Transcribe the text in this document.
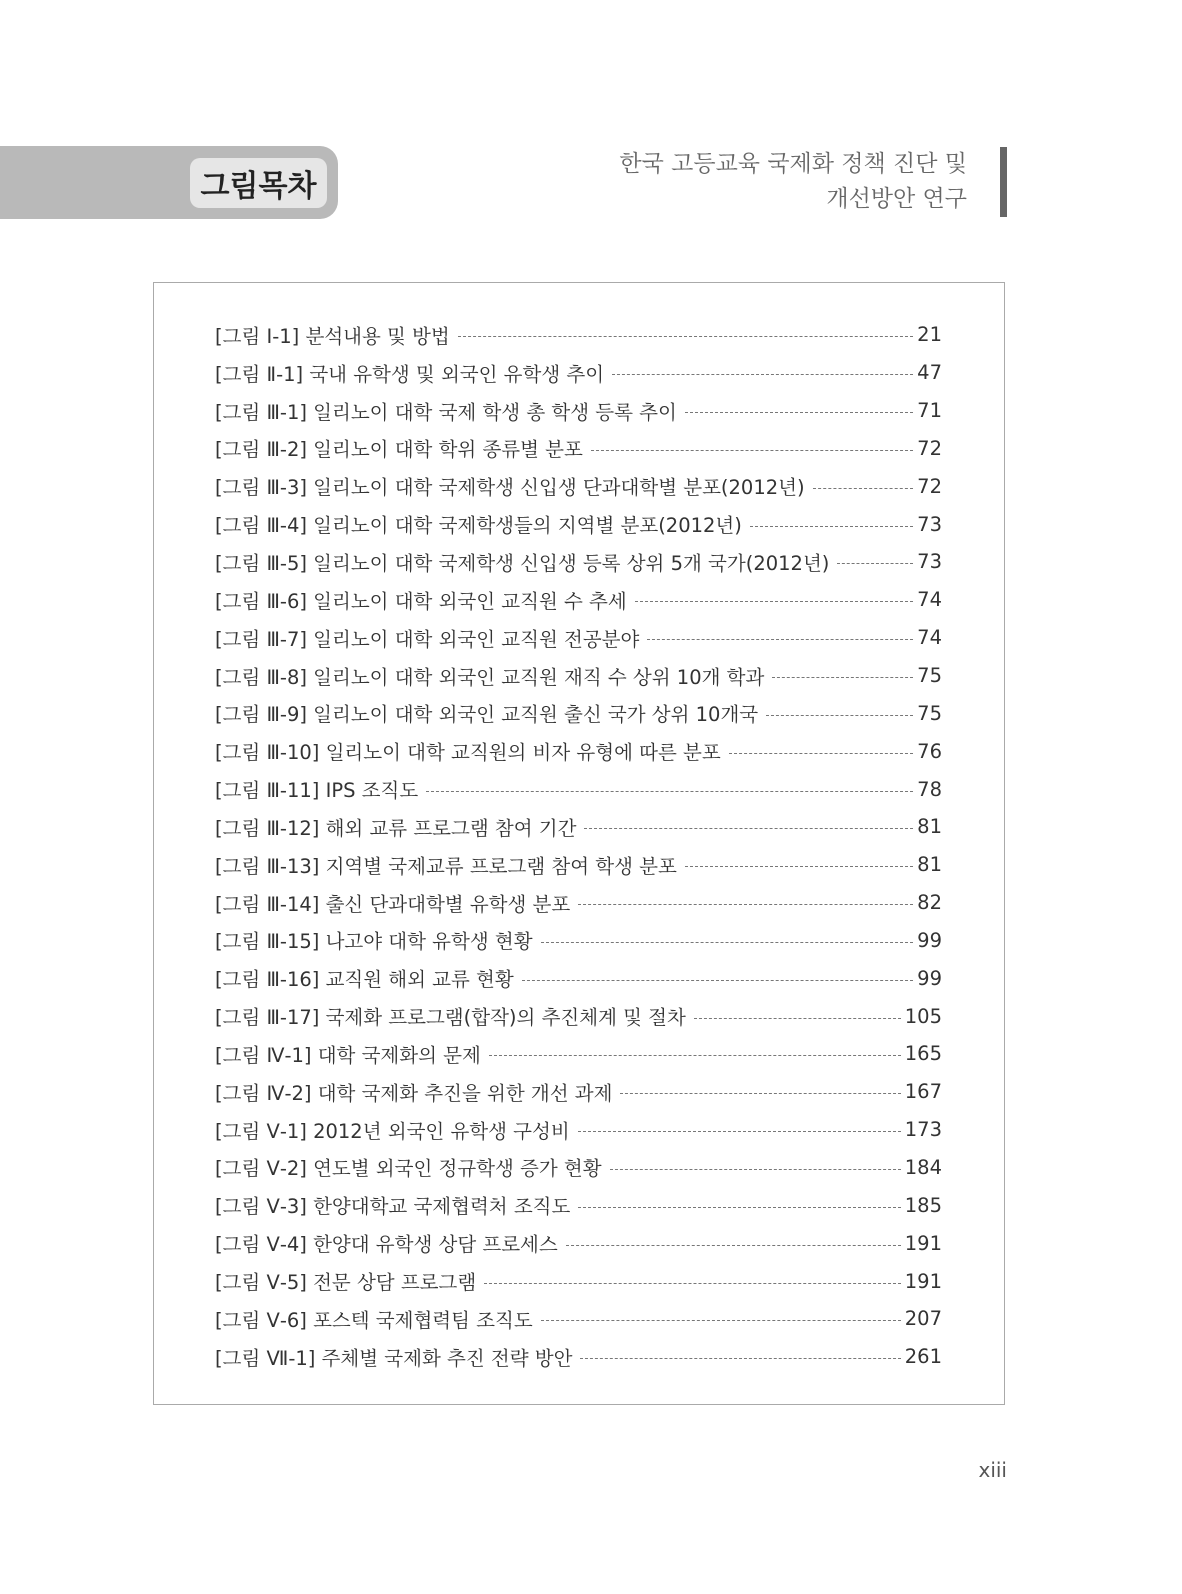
그림목차
한국 고등교육 국제화 정책 진단 및
개선방안 연구
[그림 Ⅰ-1] 분석내용 및 방법	21
[그림 Ⅱ-1] 국내 유학생 및 외국인 유학생 추이	47
[그림 Ⅲ-1] 일리노이 대학 국제 학생 총 학생 등록 추이	71
[그림 Ⅲ-2] 일리노이 대학 학위 종류별 분포	72
[그림 Ⅲ-3] 일리노이 대학 국제학생 신입생 단과대학별 분포(2012년)	72
[그림 Ⅲ-4] 일리노이 대학 국제학생들의 지역별 분포(2012년)	73
[그림 Ⅲ-5] 일리노이 대학 국제학생 신입생 등록 상위 5개 국가(2012년)	73
[그림 Ⅲ-6] 일리노이 대학 외국인 교직원 수 추세	74
[그림 Ⅲ-7] 일리노이 대학 외국인 교직원 전공분야	74
[그림 Ⅲ-8] 일리노이 대학 외국인 교직원 재직 수 상위 10개 학과	75
[그림 Ⅲ-9] 일리노이 대학 외국인 교직원 출신 국가 상위 10개국	75
[그림 Ⅲ-10] 일리노이 대학 교직원의 비자 유형에 따른 분포	76
[그림 Ⅲ-11] IPS 조직도	78
[그림 Ⅲ-12] 해외 교류 프로그램 참여 기간	81
[그림 Ⅲ-13] 지역별 국제교류 프로그램 참여 학생 분포	81
[그림 Ⅲ-14] 출신 단과대학별 유학생 분포	82
[그림 Ⅲ-15] 나고야 대학 유학생 현황	99
[그림 Ⅲ-16] 교직원 해외 교류 현황	99
[그림 Ⅲ-17] 국제화 프로그램(합작)의 추진체계 및 절차	105
[그림 Ⅳ-1] 대학 국제화의 문제	165
[그림 Ⅳ-2] 대학 국제화 추진을 위한 개선 과제	167
[그림 Ⅴ-1] 2012년 외국인 유학생 구성비	173
[그림 Ⅴ-2] 연도별 외국인 정규학생 증가 현황	184
[그림 Ⅴ-3] 한양대학교 국제협력처 조직도	185
[그림 Ⅴ-4] 한양대 유학생 상담 프로세스	191
[그림 Ⅴ-5] 전문 상담 프로그램	191
[그림 Ⅴ-6] 포스텍 국제협력팀 조직도	207
[그림 Ⅶ-1] 주체별 국제화 추진 전략 방안	261
xiii
